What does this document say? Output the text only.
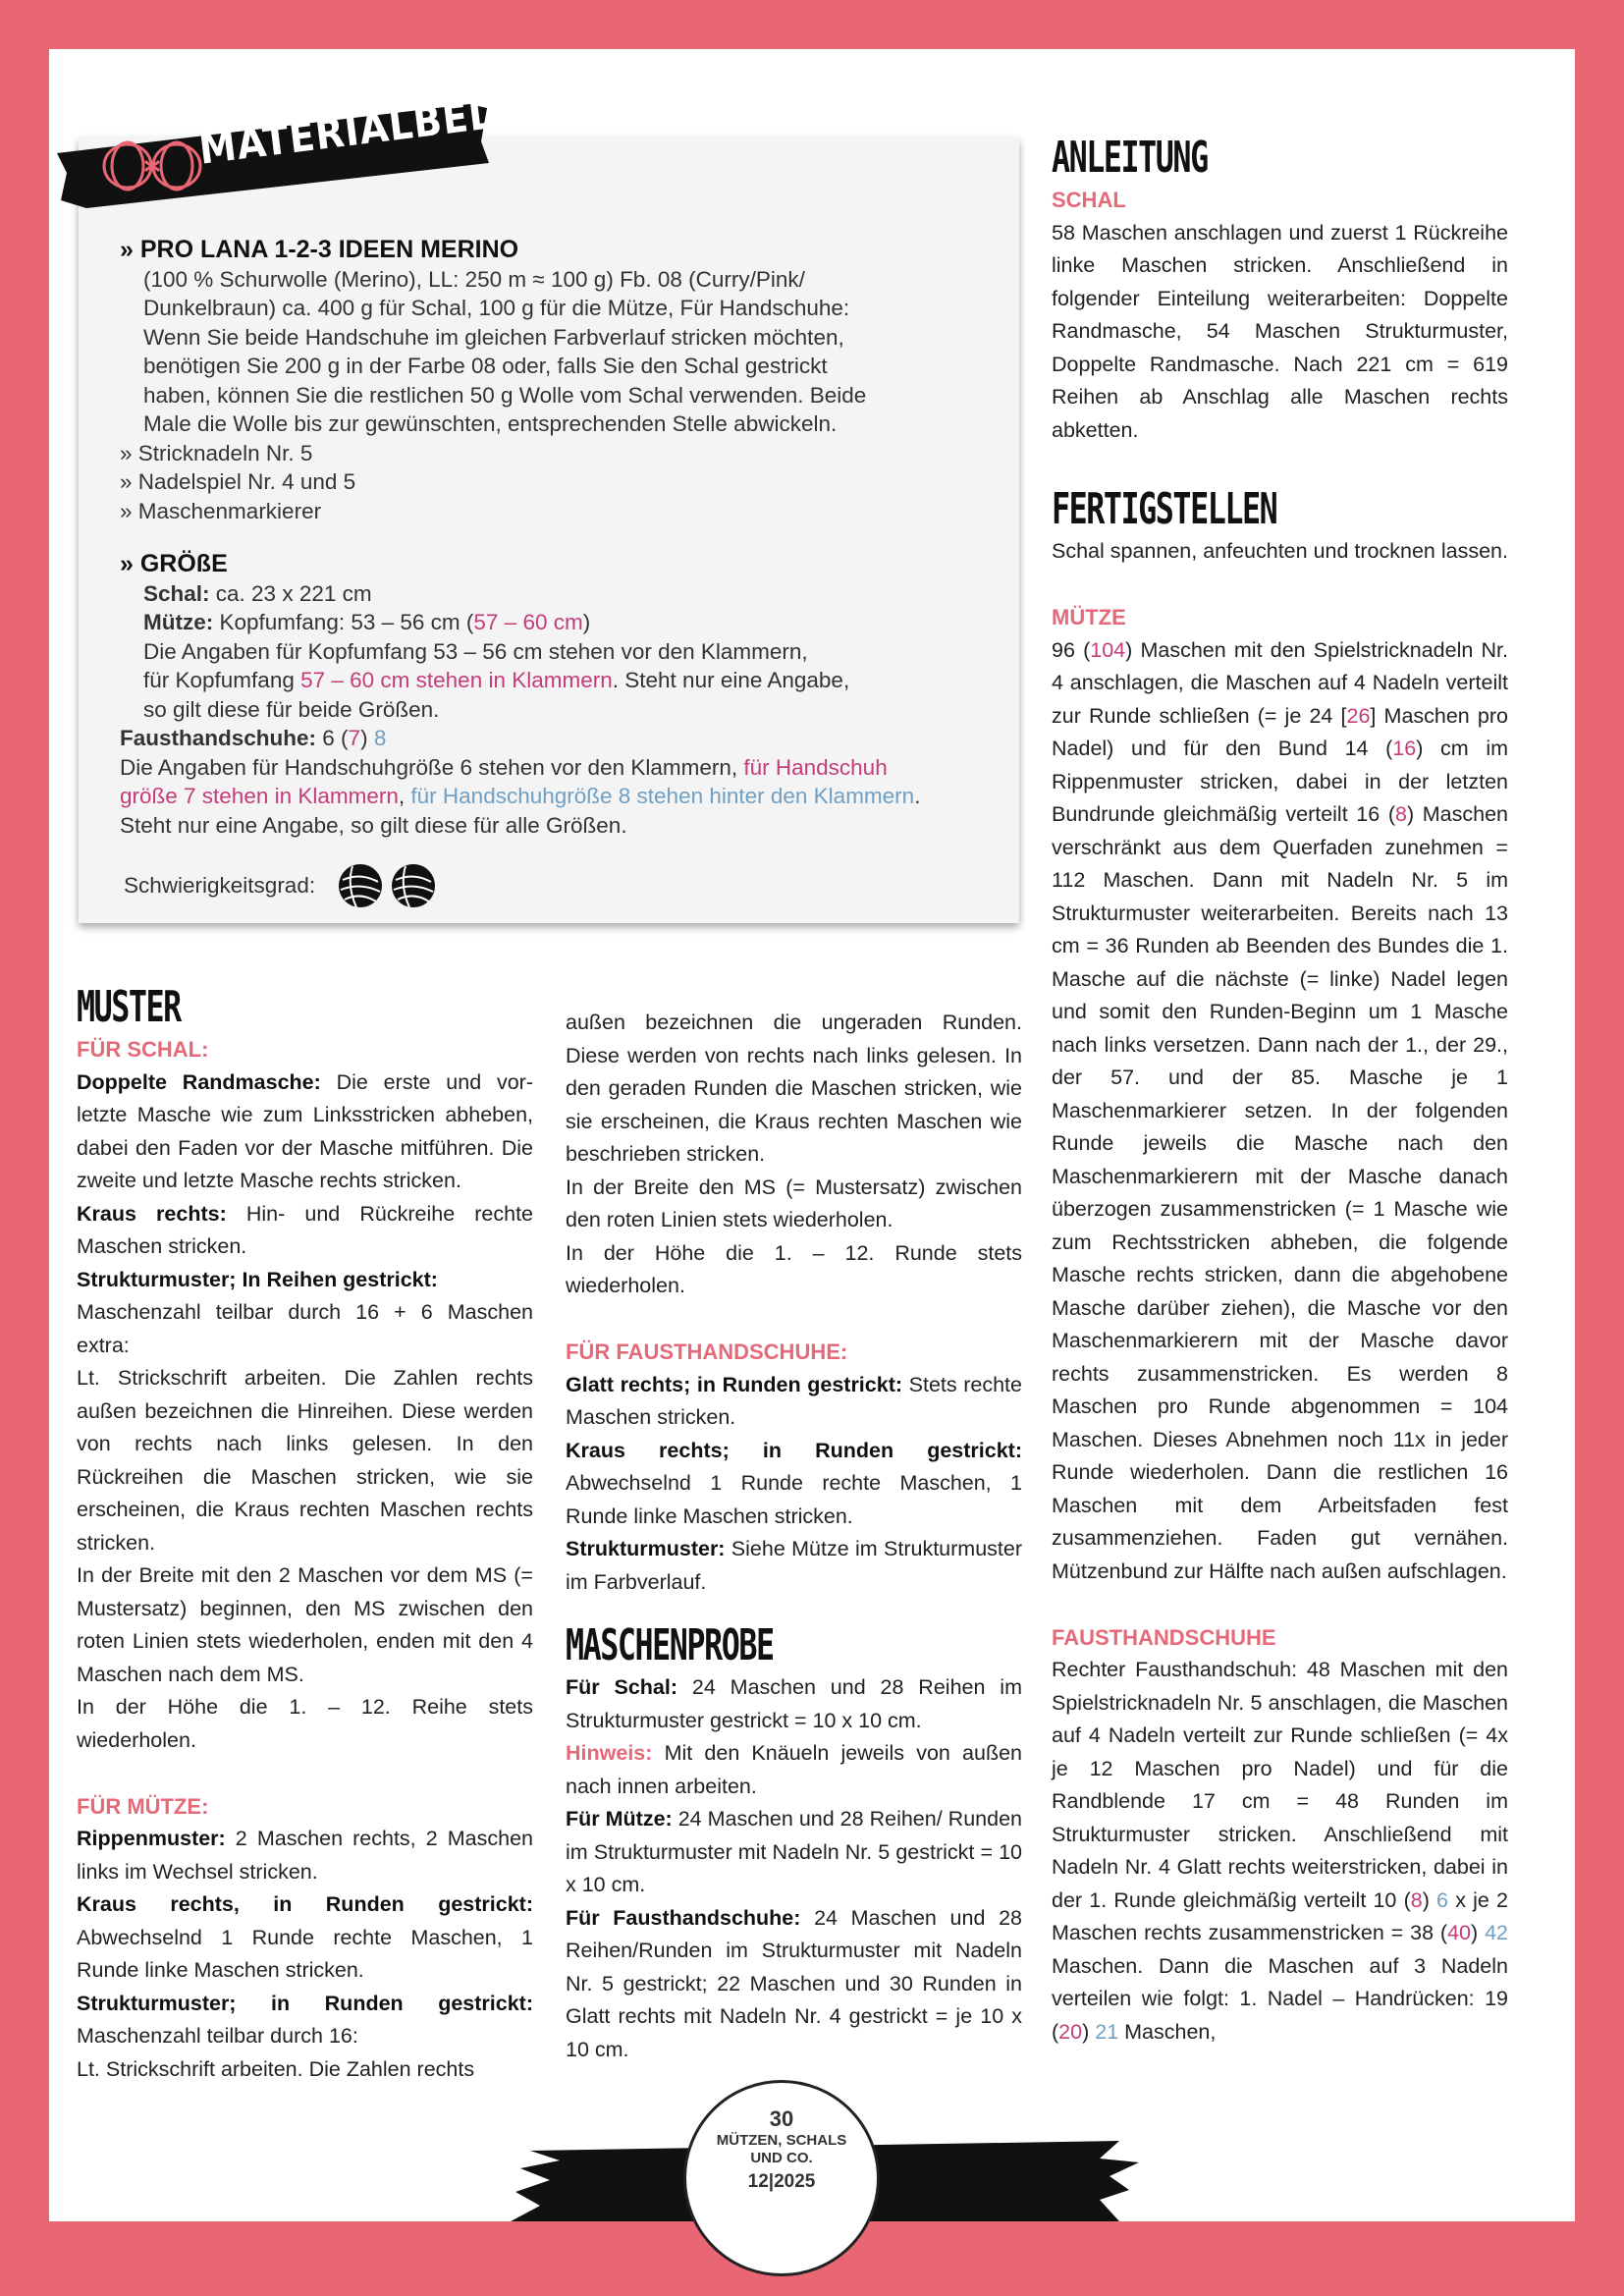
MATERIALBEDARF
» PRO LANA 1-2-3 IDEEN MERINO
(100 % Schurwolle (Merino), LL: 250 m ≈ 100 g) Fb. 08 (Curry/Pink/
Dunkelbraun) ca. 400 g für Schal, 100 g für die Mütze, Für Handschuhe:
Wenn Sie beide Handschuhe im gleichen Farbverlauf stricken möchten,
benötigen Sie 200 g in der Farbe 08 oder, falls Sie den Schal gestrickt
haben, können Sie die restlichen 50 g Wolle vom Schal verwenden. Beide
Male die Wolle bis zur gewünschten, entsprechenden Stelle abwickeln.
» Stricknadeln Nr. 5
» Nadelspiel Nr. 4 und 5
» Maschenmarkierer
» GRÖßE
Schal: ca. 23 x 221 cm
Mütze: Kopfumfang: 53 – 56 cm (57 – 60 cm)
Die Angaben für Kopfumfang 53 – 56 cm stehen vor den Klammern,
für Kopfumfang 57 – 60 cm stehen in Klammern. Steht nur eine Angabe,
so gilt diese für beide Größen.
Fausthandschuhe: 6 (7) 8
Die Angaben für Handschuhgröße 6 stehen vor den Klammern, für Handschuh
größe 7 stehen in Klammern, für Handschuhgröße 8 stehen hinter den Klammern.
Steht nur eine Angabe, so gilt diese für alle Größen.
Schwierigkeitsgrad:
MUSTER
FÜR SCHAL:

Doppelte Randmasche: Die erste und vor-letzte Masche wie zum Linksstricken abheben, dabei den Faden vor der Masche mitführen. Die zweite und letzte Masche rechts stricken.

Kraus rechts: Hin- und Rückreihe rechte Maschen stricken.

Strukturmuster; In Reihen gestrickt:

Maschenzahl teilbar durch 16 + 6 Maschen extra:

Lt. Strickschrift arbeiten. Die Zahlen rechts außen bezeichnen die Hinreihen. Diese werden von rechts nach links gelesen. In den Rückreihen die Maschen stricken, wie sie erscheinen, die Kraus rechten Maschen rechts stricken.

In der Breite mit den 2 Maschen vor dem MS (= Mustersatz) beginnen, den MS zwischen den roten Linien stets wiederholen, enden mit den 4 Maschen nach dem MS.

In der Höhe die 1. – 12. Reihe stets wiederholen.

FÜR MÜTZE:

Rippenmuster: 2 Maschen rechts, 2 Maschen links im Wechsel stricken.

Kraus rechts, in Runden gestrickt: Abwechselnd 1 Runde rechte Maschen, 1 Runde linke Maschen stricken.

Strukturmuster; in Runden gestrickt: Maschenzahl teilbar durch 16:

Lt. Strickschrift arbeiten. Die Zahlen rechts

außen bezeichnen die ungeraden Runden. Diese werden von rechts nach links gelesen. In den geraden Runden die Maschen stricken, wie sie erscheinen, die Kraus rechten Maschen wie beschrieben stricken.

In der Breite den MS (= Mustersatz) zwischen den roten Linien stets wiederholen.

In der Höhe die 1. – 12. Runde stets wiederholen.

FÜR FAUSTHANDSCHUHE:

Glatt rechts; in Runden gestrickt: Stets rechte Maschen stricken.

Kraus rechts; in Runden gestrickt: Abwechselnd 1 Runde rechte Maschen, 1 Runde linke Maschen stricken.

Strukturmuster: Siehe Mütze im Strukturmuster im Farbverlauf.

MASCHENPROBE

Für Schal: 24 Maschen und 28 Reihen im Strukturmuster gestrickt = 10 x 10 cm.

Hinweis: Mit den Knäueln jeweils von außen nach innen arbeiten.

Für Mütze: 24 Maschen und 28 Reihen/ Runden im Strukturmuster mit Nadeln Nr. 5 gestrickt = 10 x 10 cm.

Für Fausthandschuhe: 24 Maschen und 28 Reihen/Runden im Strukturmuster mit Nadeln Nr. 5 gestrickt; 22 Maschen und 30 Runden in Glatt rechts mit Nadeln Nr. 4 gestrickt = je 10 x 10 cm.

ANLEITUNG
SCHAL

58 Maschen anschlagen und zuerst 1 Rückreihe linke Maschen stricken. Anschließend in folgender Einteilung weiterarbeiten: Doppelte Randmasche, 54 Maschen Strukturmuster, Doppelte Randmasche. Nach 221 cm = 619 Reihen ab Anschlag alle Maschen rechts abketten.

FERTIGSTELLEN

Schal spannen, anfeuchten und trocknen lassen.

MÜTZE

96 (104) Maschen mit den Spielstricknadeln Nr. 4 anschlagen, die Maschen auf 4 Nadeln verteilt zur Runde schließen (= je 24 [26] Maschen pro Nadel) und für den Bund 14 (16) cm im Rippenmuster stricken, dabei in der letzten Bundrunde gleichmäßig verteilt 16 (8) Maschen verschränkt aus dem Querfaden zunehmen = 112 Maschen. Dann mit Nadeln Nr. 5 im Strukturmuster weiterarbeiten. Bereits nach 13 cm = 36 Runden ab Beenden des Bundes die 1. Masche auf die nächste (= linke) Nadel legen und somit den Runden-Beginn um 1 Masche nach links versetzen. Dann nach der 1., der 29., der 57. und der 85. Masche je 1 Maschenmarkierer setzen. In der folgenden Runde jeweils die Masche nach den Maschenmarkierern mit der Masche danach überzogen zusammenstricken (= 1 Masche wie zum Rechtsstricken abheben, die folgende Masche rechts stricken, dann die abgehobene Masche darüber ziehen), die Masche vor den Maschenmarkierern mit der Masche davor rechts zusammenstricken. Es werden 8 Maschen pro Runde abgenommen = 104 Maschen. Dieses Abnehmen noch 11x in jeder Runde wiederholen. Dann die restlichen 16 Maschen mit dem Arbeitsfaden fest zusammenziehen. Faden gut vernähen. Mützenbund zur Hälfte nach außen aufschlagen.

FAUSTHANDSCHUHE

Rechter Fausthandschuh: 48 Maschen mit den Spielstricknadeln Nr. 5 anschlagen, die Maschen auf 4 Nadeln verteilt zur Runde schließen (= 4x je 12 Maschen pro Nadel) und für die Randblende 17 cm = 48 Runden im Strukturmuster stricken. Anschließend mit Nadeln Nr. 4 Glatt rechts weiterstricken, dabei in der 1. Runde gleichmäßig verteilt 10 (8) 6 x je 2 Maschen rechts zusammenstricken = 38 (40) 42 Maschen. Dann die Maschen auf 3 Nadeln verteilen wie folgt: 1. Nadel – Handrücken: 19 (20) 21 Maschen,

30
MÜTZEN, SCHALS
UND CO.
12|2025
